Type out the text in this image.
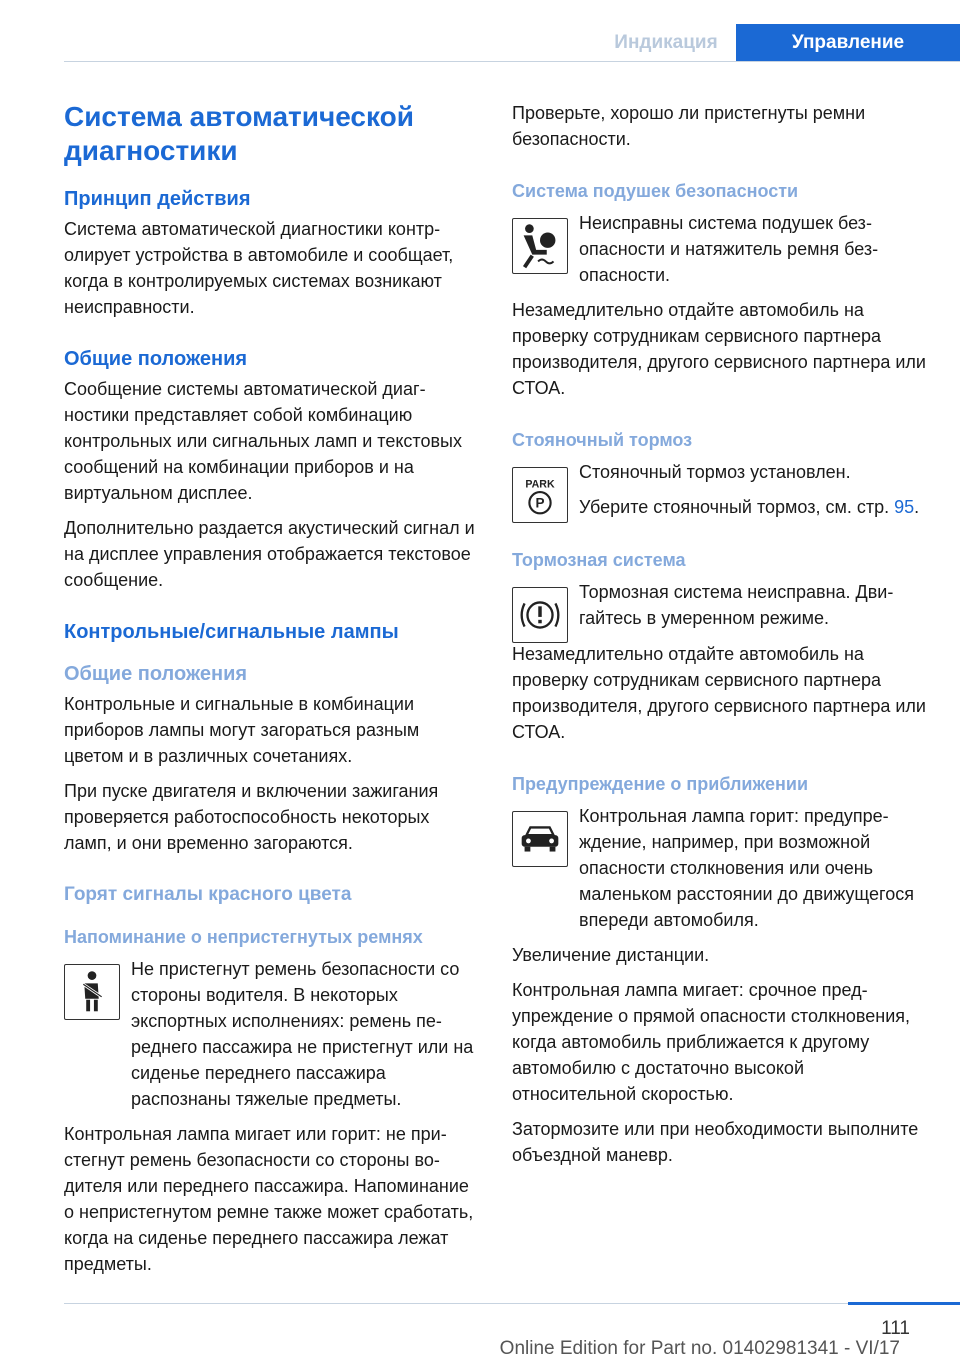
Индикация	Управление
Система автоматической диагностики
Принцип действия
Система автоматической диагностики контролирует устройства в автомобиле и сообщает, когда в контролируемых системах возникают неисправности.
Общие положения
Сообщение системы автоматической диагностики представляет собой комбинацию контрольных или сигнальных ламп и текстовых сообщений на комбинации приборов и на виртуальном дисплее.
Дополнительно раздается акустический сигнал и на дисплее управления отображается текстовое сообщение.
Контрольные/сигнальные лампы
Общие положения
Контрольные и сигнальные в комбинации приборов лампы могут загораться разным цветом и в различных сочетаниях.
При пуске двигателя и включении зажигания проверяется работоспособность некоторых ламп, и они временно загораются.
Горят сигналы красного цвета
Напоминание о непристегнутых ремнях
Не пристегнут ремень безопасности со стороны водителя. В некоторых экспортных исполнениях: ремень переднего пассажира не пристегнут или на сиденье переднего пассажира распознаны тяжелые предметы.
Контрольная лампа мигает или горит: не пристегнут ремень безопасности со стороны водителя или переднего пассажира. Напоминание о непристегнутом ремне также может сработать, когда на сиденье переднего пассажира лежат предметы.
Проверьте, хорошо ли пристегнуты ремни безопасности.
Система подушек безопасности
Неисправны система подушек безопасности и натяжитель ремня безопасности.
Незамедлительно отдайте автомобиль на проверку сотрудникам сервисного партнера производителя, другого сервисного партнера или СТОА.
Стояночный тормоз
PARK
P
Стояночный тормоз установлен.
Уберите стояночный тормоз, см. стр. 95.
Тормозная система
Тормозная система неисправна. Двигайтесь в умеренном режиме.
Незамедлительно отдайте автомобиль на проверку сотрудникам сервисного партнера производителя, другого сервисного партнера или СТОА.
Предупреждение о приближении
Контрольная лампа горит: предупреждение, например, при возможной опасности столкновения или очень маленьком расстоянии до движущегося впереди автомобиля.
Увеличение дистанции.
Контрольная лампа мигает: срочное предупреждение о прямой опасности столкновения, когда автомобиль приближается к другому автомобилю с достаточно высокой относительной скоростью.
Затормозите или при необходимости выполните объездной маневр.
111
Online Edition for Part no. 01402981341 - VI/17
